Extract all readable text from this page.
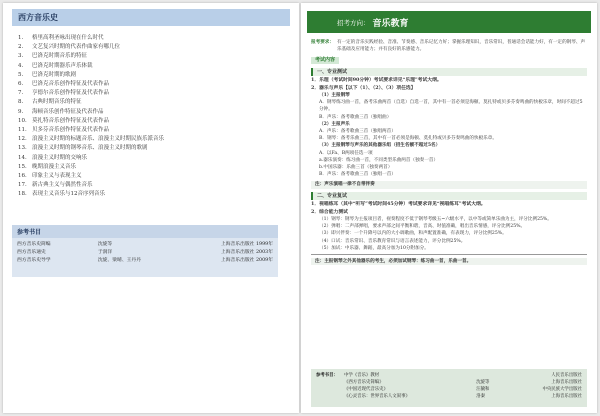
西方音乐史
1.	格里高利圣咏出现在什么时代
2.	文艺复兴时期的代表作曲家有哪几位
3.	巴洛克时期音乐的特征
4.	巴洛克时期器乐声乐体裁
5.	巴洛克时期的歌剧
6.	巴洛克音乐创作特征及代表作品
7.	亨德尔音乐创作特征及代表作品
8.	古典时期音乐的特征
9.	海顿音乐创作特征及代表作品
10. 莫扎特音乐创作特征及代表作品
11. 贝多芬音乐创作特征及代表作品
12. 浪漫主义时期的标题音乐、浪漫主义时期民族乐派音乐
13. 浪漫主义时期的钢琴音乐、浪漫主义时期的歌剧
14. 浪漫主义时期的交响乐
15. 晚期浪漫主义音乐
16. 印象主义与表现主义
17. 新古典主义与偶然性音乐
18. 表现主义音乐与12音序列音乐
参考书目
西方音乐史简编	沈旋等	上海音乐出版社 1999年
西方音乐通史	于润洋	上海音乐出版社 2003年
西方音乐史导学	沈旋、梁晴、王丹丹	上海音乐出版社 2009年
招考方向： 音乐教育
报考要求： 有一定的音乐实践经验、音准、节奏感、音乐记忆力好；掌握乐理知识，音乐常识，普通话会话能力好，有一定的钢琴、声乐基础及应用能力；并有良好的乐感能力。
考试内容
一、专业测试
1．乐理（考试时间90分钟）考试要求详见“乐理”考试大纲。
2．器乐与声乐【以下（1）、（2）、（3）项任选】
（1）主报钢琴
A．钢琴练习曲一首，备考乐曲两首（自选）自选一首，其中有一首必须是海顿、莫扎特或贝多芬奏鸣曲的快板乐章，时间不超过5分钟。
B．声乐：备考歌曲三首（独唱曲）
（2）主报声乐
A．声乐：备考歌曲三首（独唱两首）
B．钢琴：备考乐曲三首，其中有一首必须是海顿、莫扎特或贝多芬奏鸣曲的快板乐章。
（3）主报钢琴与声乐的其他器乐组（招生名额不超过5名）
A．以Fa、B两项任选一项
a.器乐演奏：练习曲一首，不同类型乐曲两首（独奏一首）
b.中国乐器：乐曲三首（独奏两首）
B．声乐：备考歌曲三首（独唱一首）
注：声乐演唱一律不自带伴奏
二、专业复试
1．视唱练耳（其中“听写”考试时间45分钟）考试要求详见“视唱练耳”考试大纲。
2．综合能力测试
（1）钢琴：钢琴为主报项目者，视奏程度不低于钢琴考级五~六级水平，以中等或简单乐曲为主，评分比例25%。
（2）弹唱：二声部弹唱，要求声部之间平衡和谐，音高、时值准确，唱出音乐情感，评分比例25%。
（3）即兴伴奏：一个升降号以内的大小调歌曲，和声配置准确，有表现力，评分比例25%。
（4）口试：音乐常识、音乐教育常识与语言表述能力，评分比例25%。
（5）加试：中乐器、舞蹈，最高分加为10分附加分。
注：主报钢琴之外其他器乐的考生，必须加试钢琴：练习曲一首，乐曲一首。
参考书目：	中学《音乐》教材		人民音乐出版社
	《西方音乐史简编》	沈旋等	上海音乐出版社
	《中国近现代音乐史》	汪毓和	中央民族大学出版社
	《心灵音乐：世界音乐人文叙事》	洛秦	上海音乐出版社
